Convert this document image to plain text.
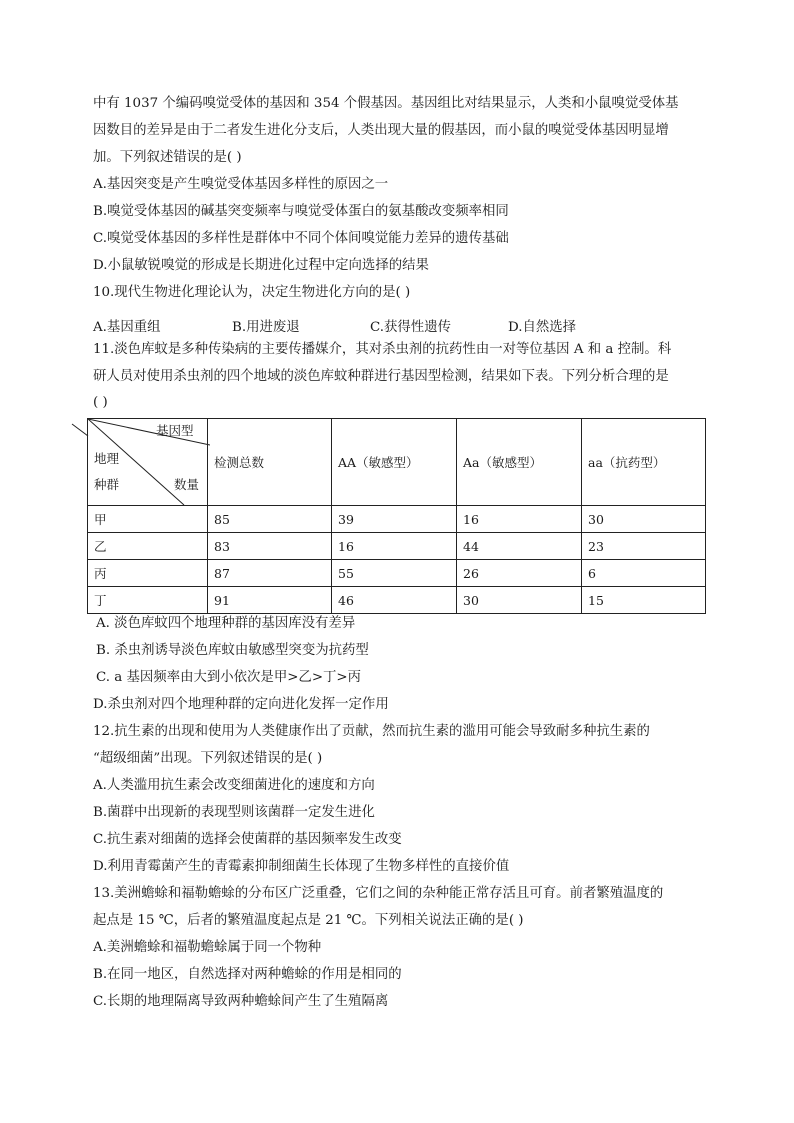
中有 1037 个编码嗅觉受体的基因和 354 个假基因。基因组比对结果显示，人类和小鼠嗅觉受体基
因数目的差异是由于二者发生进化分支后，人类出现大量的假基因，而小鼠的嗅觉受体基因明显增
加。下列叙述错误的是( )
A.基因突变是产生嗅觉受体基因多样性的原因之一
B.嗅觉受体基因的碱基突变频率与嗅觉受体蛋白的氨基酸改变频率相同
C.嗅觉受体基因的多样性是群体中不同个体间嗅觉能力差异的遗传基础
D.小鼠敏锐嗅觉的形成是长期进化过程中定向选择的结果
10.现代生物进化理论认为，决定生物进化方向的是( )
A.基因重组	B.用进废退	C.获得性遗传	D.自然选择
11.淡色库蚊是多种传染病的主要传播媒介，其对杀虫剂的抗药性由一对等位基因 A 和 a 控制。科
研人员对使用杀虫剂的四个地域的淡色库蚊种群进行基因型检测，结果如下表。下列分析合理的是
( )
基因型
地理
种群 数量	检测总数	AA（敏感型）	Aa（敏感型）	aa（抗药型）
甲	85	39	16	30
乙	83	16	44	23
丙	87	55	26	6
丁	91	46	30	15
A. 淡色库蚊四个地理种群的基因库没有差异
B. 杀虫剂诱导淡色库蚊由敏感型突变为抗药型
C. a 基因频率由大到小依次是甲>乙>丁>丙
D.杀虫剂对四个地理种群的定向进化发挥一定作用
12.抗生素的出现和使用为人类健康作出了贡献，然而抗生素的滥用可能会导致耐多种抗生素的
“超级细菌”出现。下列叙述错误的是( )
A.人类滥用抗生素会改变细菌进化的速度和方向
B.菌群中出现新的表现型则该菌群一定发生进化
C.抗生素对细菌的选择会使菌群的基因频率发生改变
D.利用青霉菌产生的青霉素抑制细菌生长体现了生物多样性的直接价值
13.美洲蟾蜍和福勒蟾蜍的分布区广泛重叠，它们之间的杂种能正常存活且可育。前者繁殖温度的
起点是 15 ℃，后者的繁殖温度起点是 21 ℃。下列相关说法正确的是( )
A.美洲蟾蜍和福勒蟾蜍属于同一个物种
B.在同一地区，自然选择对两种蟾蜍的作用是相同的
C.长期的地理隔离导致两种蟾蜍间产生了生殖隔离
